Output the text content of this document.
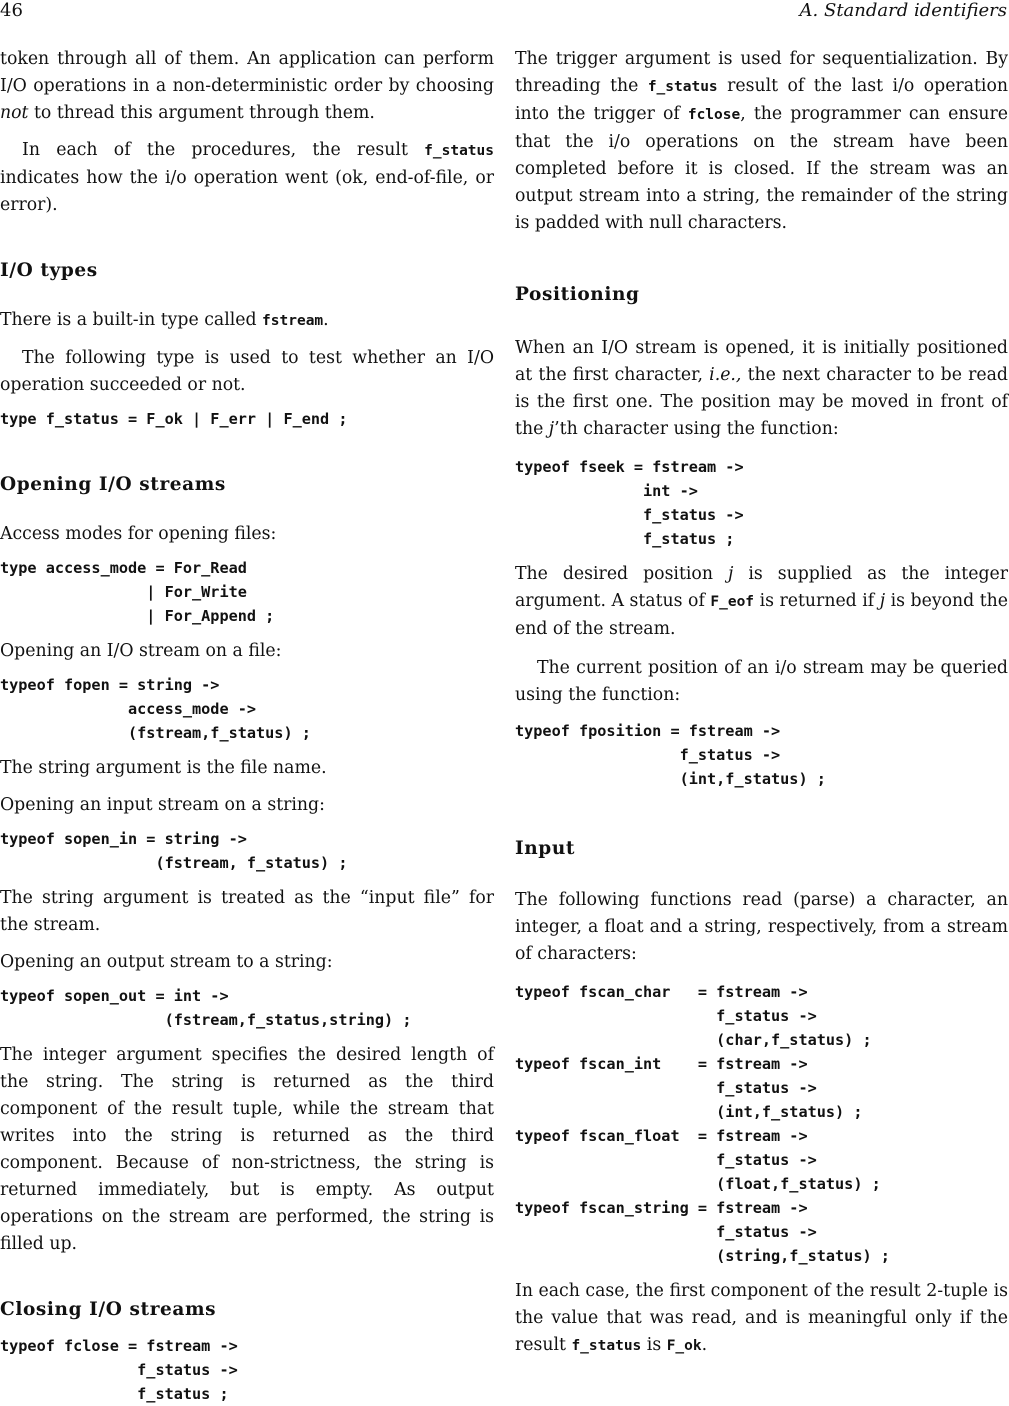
46	A. Standard identifiers

token through all of them. An application can perform I/O operations in a non-deterministic order by choosing not to thread this argument through them.

In each of the procedures, the result f_status indicates how the i/o operation went (ok, end-of-file, or error).

I/O types

There is a built-in type called fstream.

The following type is used to test whether an I/O operation succeeded or not.

type f_status = F_ok | F_err | F_end ;
Opening I/O streams

Access modes for opening files:

type access_mode = For_Read
| For_Write
| For_Append ;

Opening an I/O stream on a file:

typeof fopen = string ->
access_mode ->
(fstream,f_status) ;

The string argument is the file name.

Opening an input stream on a string:

typeof sopen_in = string ->
(fstream, f_status) ;

The string argument is treated as the “input file” for the stream.

Opening an output stream to a string:

typeof sopen_out = int ->
(fstream,f_status,string) ;

The integer argument specifies the desired length of the string. The string is returned as the third component of the result tuple, while the stream that writes into the string is returned as the third component. Because of non-strictness, the string is returned immediately, but is empty. As output operations on the stream are performed, the string is filled up.

Closing I/O streams
typeof fclose = fstream ->
f_status ->
f_status ;

The trigger argument is used for sequentialization. By threading the f_status result of the last i/o operation into the trigger of fclose, the programmer can ensure that the i/o operations on the stream have been completed before it is closed. If the stream was an output stream into a string, the remainder of the string is padded with null characters.

Positioning

When an I/O stream is opened, it is initially positioned at the first character, i.e., the next character to be read is the first one. The position may be moved in front of the j’th character using the function:

typeof fseek = fstream ->
int ->
f_status ->
f_status ;

The desired position j is supplied as the integer argument. A status of F_eof is returned if j is beyond the end of the stream.

The current position of an i/o stream may be queried using the function:

typeof fposition = fstream ->
f_status ->
(int,f_status) ;
Input

The following functions read (parse) a character, an integer, a float and a string, respectively, from a stream of characters:

typeof fscan_char   = fstream ->
f_status ->
(char,f_status) ;
typeof fscan_int    = fstream ->
f_status ->
(int,f_status) ;
typeof fscan_float  = fstream ->
f_status ->
(float,f_status) ;
typeof fscan_string = fstream ->
f_status ->
(string,f_status) ;

In each case, the first component of the result 2-tuple is the value that was read, and is meaningful only if the result f_status is F_ok.
